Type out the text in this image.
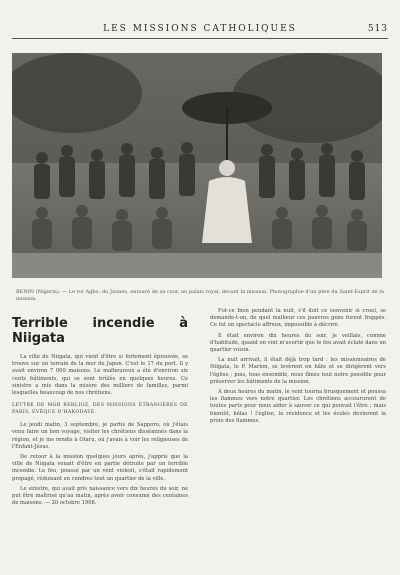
LES MISSIONS CATHOLIQUES	513
BENIN (Nigeria). — Le roi Agbo, du Jaunez, entouré de sa cour, au palais royal, devant la mission. Photographie d'un père du Saint-Esprit de la mission.
Terrible incendie à Niigata

La ville de Niigata, qui vient d'être si fortement éprouvée, se trouve sur un terrain de la mer du Japon. C'est le 17 du port. Il y avait environ 7 000 maisons. Le malheureux a été d'environ six cents bâtiments, qui se sont brûlés en quelques heures. Ce sinistre a mis dans la misère des milliers de familles, parmi lesquelles beaucoup de nos chrétiens.

LETTRE DE MGR BERLIOZ, DES MISSIONS ÉTRANGÈRES DE PARIS, ÉVÊQUE D'HAKODATÉ.

Le jeudi matin, 3 septembre, je partis de Sapporo, où j'étais venu faire un bon voyage, visiter les chrétiens disséminés dans la région, et je me rendis à Otaru, où j'avais à voir les religieuses de l'Enfant-Jésus.

De retour à la mission quelques jours après, j'appris que la ville de Niigata venait d'être en partie détruite par un terrible incendie. Le feu, poussé par un vent violent, s'était rapidement propagé, réduisant en cendres tout un quartier de la ville.

Le sinistre, qui avait pris naissance vers dix heures du soir, ne put être maîtrisé qu'au matin, après avoir consumé des centaines de maisons. — 20 octobre 1908.

Fut-ce bien pendant la nuit, s'il doit ce souvenir si cruel, se demande-t-on, de quel malheur ces pauvres gens furent frappés. Ce fut un spectacle affreux, impossible à décrire.

Il était environ dix heures du soir, je veillais, comme d'habitude, quand on vint m'avertir que le feu avait éclaté dans un quartier voisin.

La nuit arrivait, il était déjà trop tard : les missionnaires de Niigata, le P. Marion, se levèrent en hâte et se dirigèrent vers l'église ; puis, tous ensemble, nous fîmes tout notre possible pour préserver les bâtiments de la mission.

A deux heures du matin, le vent tourna brusquement et poussa les flammes vers notre quartier. Les chrétiens accoururent de toutes parts pour nous aider à sauver ce qui pouvait l'être ; mais bientôt, hélas ! l'église, la résidence et les écoles devinrent la proie des flammes.
